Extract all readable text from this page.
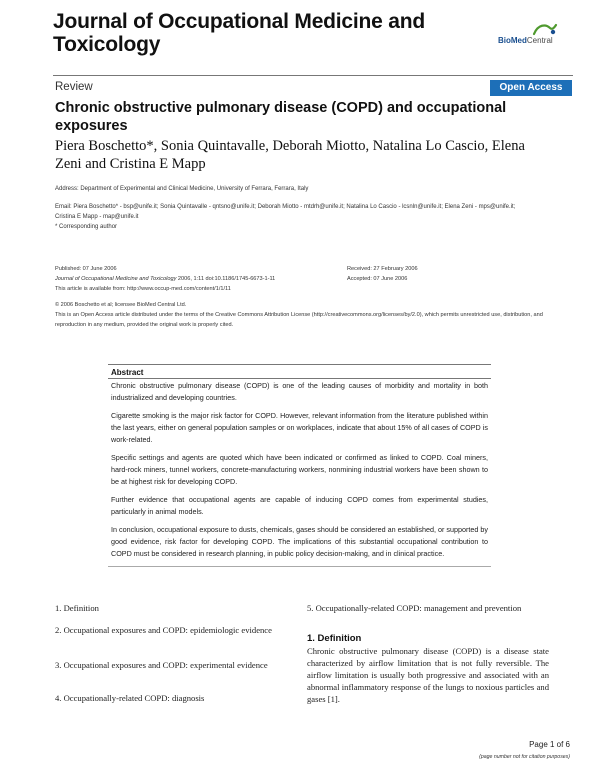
Journal of Occupational Medicine and Toxicology	BioMedCentral
Review	Open Access
Chronic obstructive pulmonary disease (COPD) and occupational exposures
Piera Boschetto*, Sonia Quintavalle, Deborah Miotto, Natalina Lo Cascio, Elena Zeni and Cristina E Mapp
Address: Department of Experimental and Clinical Medicine, University of Ferrara, Ferrara, Italy
Email: Piera Boschetto* - bsp@unife.it; Sonia Quintavalle - qntsno@unife.it; Deborah Miotto - mtdrh@unife.it; Natalina Lo Cascio - lcsnln@unife.it; Elena Zeni - mps@unife.it; Cristina E Mapp - map@unife.it
* Corresponding author
Published: 07 June 2006
Journal of Occupational Medicine and Toxicology 2006, 1:11 doi:10.1186/1745-6673-1-11
This article is available from: http://www.occup-med.com/content/1/1/11
Received: 27 February 2006
Accepted: 07 June 2006
© 2006 Boschetto et al; licensee BioMed Central Ltd.
This is an Open Access article distributed under the terms of the Creative Commons Attribution License (http://creativecommons.org/licenses/by/2.0), which permits unrestricted use, distribution, and reproduction in any medium, provided the original work is properly cited.
Abstract

Chronic obstructive pulmonary disease (COPD) is one of the leading causes of morbidity and mortality in both industrialized and developing countries.

Cigarette smoking is the major risk factor for COPD. However, relevant information from the literature published within the last years, either on general population samples or on workplaces, indicate that about 15% of all cases of COPD is work-related.

Specific settings and agents are quoted which have been indicated or confirmed as linked to COPD. Coal miners, hard-rock miners, tunnel workers, concrete-manufacturing workers, nonmining industrial workers have been shown to be at highest risk for developing COPD.

Further evidence that occupational agents are capable of inducing COPD comes from experimental studies, particularly in animal models.

In conclusion, occupational exposure to dusts, chemicals, gases should be considered an established, or supported by good evidence, risk factor for developing COPD. The implications of this substantial occupational contribution to COPD must be considered in research planning, in public policy decision-making, and in clinical practice.

1. Definition
2. Occupational exposures and COPD: epidemiologic evidence
3. Occupational exposures and COPD: experimental evidence
4. Occupationally-related COPD: diagnosis
5. Occupationally-related COPD: management and prevention
1. Definition
Chronic obstructive pulmonary disease (COPD) is a disease state characterized by airflow limitation that is not fully reversible. The airflow limitation is usually both progressive and associated with an abnormal inflammatory response of the lungs to noxious particles and gases [1].
Page 1 of 6
(page number not for citation purposes)
